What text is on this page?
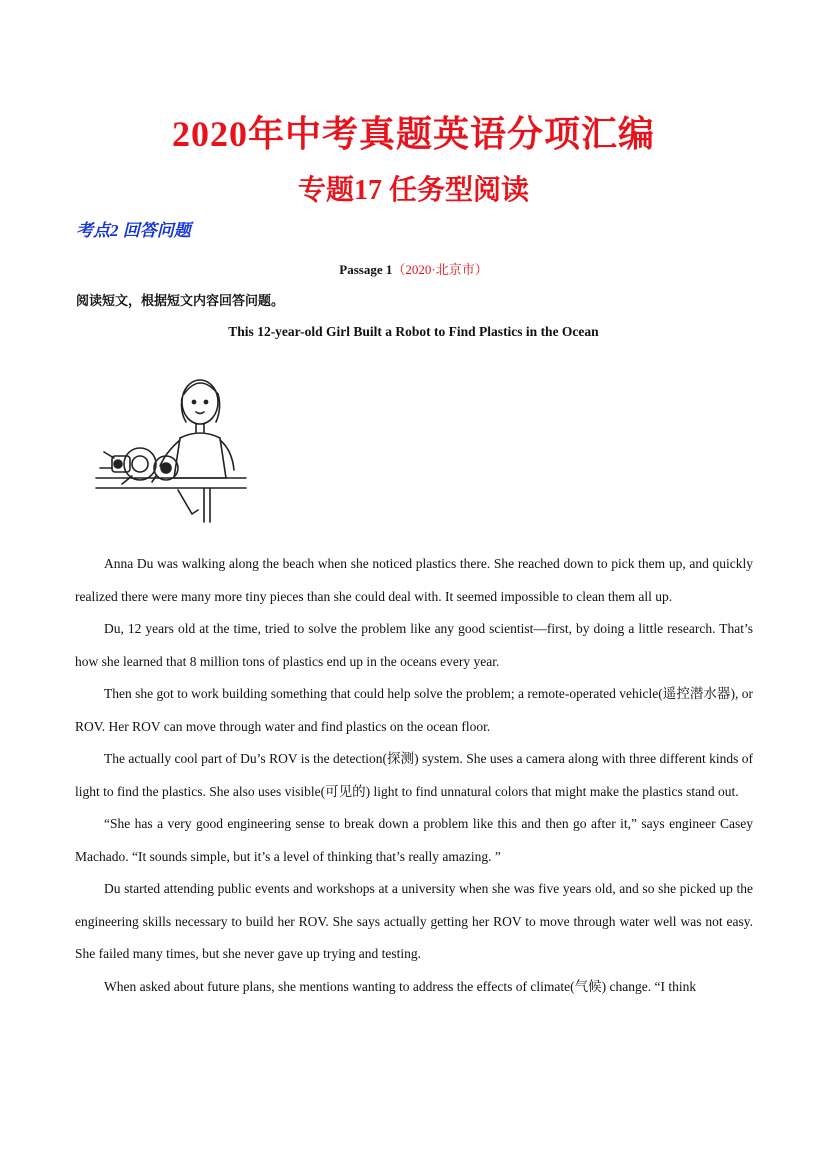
2020年中考真题英语分项汇编
专题17 任务型阅读
考点2 回答问题
Passage 1（2020·北京市）
阅读短文，根据短文内容回答问题。
This 12-year-old Girl Built a Robot to Find Plastics in the Ocean

Anna Du was walking along the beach when she noticed plastics there. She reached down to pick them up, and quickly realized there were many more tiny pieces than she could deal with. It seemed impossible to clean them all up.

Du, 12 years old at the time, tried to solve the problem like any good scientist—first, by doing a little research. That’s how she learned that 8 million tons of plastics end up in the oceans every year.

Then she got to work building something that could help solve the problem; a remote-operated vehicle(遥控潜水器), or ROV. Her ROV can move through water and find plastics on the ocean floor.

The actually cool part of Du’s ROV is the detection(探测) system. She uses a camera along with three different kinds of light to find the plastics. She also uses visible(可见的) light to find unnatural colors that might make the plastics stand out.

“She has a very good engineering sense to break down a problem like this and then go after it,” says engineer Casey Machado. “It sounds simple, but it’s a level of thinking that’s really amazing. ”

Du started attending public events and workshops at a university when she was five years old, and so she picked up the engineering skills necessary to build her ROV. She says actually getting her ROV to move through water well was not easy. She failed many times, but she never gave up trying and testing.

When asked about future plans, she mentions wanting to address the effects of climate(气候) change. “I think
